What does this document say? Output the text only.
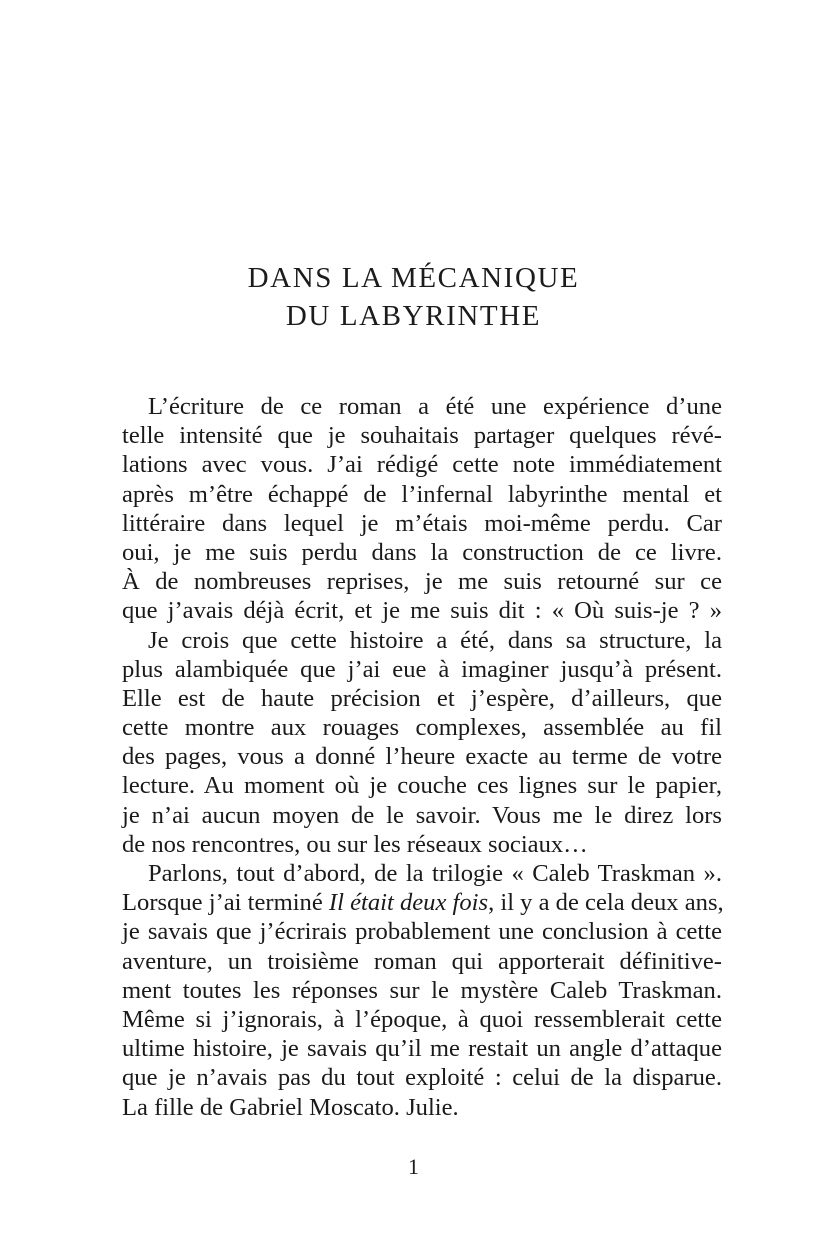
DANS LA MÉCANIQUE
DU LABYRINTHE
L’écriture de ce roman a été une expérience d’une
telle intensité que je souhaitais partager quelques révé-
lations avec vous. J’ai rédigé cette note immédiatement
après m’être échappé de l’infernal labyrinthe mental et
littéraire dans lequel je m’étais moi-même perdu. Car
oui, je me suis perdu dans la construction de ce livre.
À de nombreuses reprises, je me suis retourné sur ce
que j’avais déjà écrit, et je me suis dit : « Où suis-je ? »
Je crois que cette histoire a été, dans sa structure, la
plus alambiquée que j’ai eue à imaginer jusqu’à présent.
Elle est de haute précision et j’espère, d’ailleurs, que
cette montre aux rouages complexes, assemblée au fil
des pages, vous a donné l’heure exacte au terme de votre
lecture. Au moment où je couche ces lignes sur le papier,
je n’ai aucun moyen de le savoir. Vous me le direz lors
de nos rencontres, ou sur les réseaux sociaux…
Parlons, tout d’abord, de la trilogie « Caleb Traskman ».
Lorsque j’ai terminé Il était deux fois, il y a de cela deux ans,
je savais que j’écrirais probablement une conclusion à cette
aventure, un troisième roman qui apporterait définitive-
ment toutes les réponses sur le mystère Caleb Traskman.
Même si j’ignorais, à l’époque, à quoi ressemblerait cette
ultime histoire, je savais qu’il me restait un angle d’attaque
que je n’avais pas du tout exploité : celui de la disparue.
La fille de Gabriel Moscato. Julie.
1
